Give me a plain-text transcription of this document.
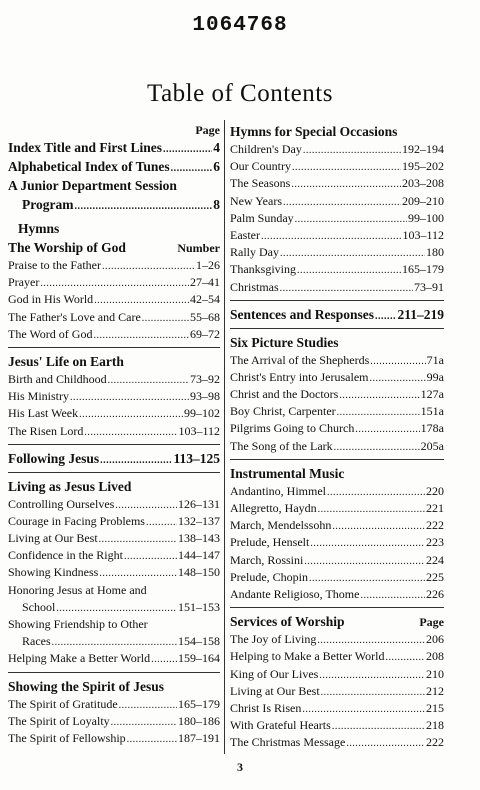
1064768
Table of Contents
Page
Index Title and First Lines . . .	4
Alphabetical Index of Tunes . . .	6
A Junior Department Session
Program . . .	8
Hymns
The Worship of God	Number
Praise to the Father . . .	1–26
Prayer . . .	27–41
God in His World . . .	42–54
The Father's Love and Care . . .	55–68
The Word of God . . .	69–72
Jesus' Life on Earth
Birth and Childhood . . .	73–92
His Ministry . . .	93–98
His Last Week . . .	99–102
The Risen Lord . . .	103–112
Following Jesus . . .	113–125
Living as Jesus Lived
Controlling Ourselves . . .	126–131
Courage in Facing Problems . . .	132–137
Living at Our Best . . .	138–143
Confidence in the Right . . .	144–147
Showing Kindness . . .	148–150
Honoring Jesus at Home and
School . . .	151–153
Showing Friendship to Other
Races . . .	154–158
Helping Make a Better World . . . 159–164
Showing the Spirit of Jesus
The Spirit of Gratitude . . .	165–179
The Spirit of Loyalty . . .	180–186
The Spirit of Fellowship . . .	187–191
Hymns for Special Occasions
Children's Day . . .	192–194
Our Country . . .	195–202
The Seasons . . .	203–208
New Years . . .	209–210
Palm Sunday . . .	99–100
Easter . . .	103–112
Rally Day . . .	180
Thanksgiving . . .	165–179
Christmas . . .	73–91
Sentences and Responses . . . 211–219
Six Picture Studies
The Arrival of the Shepherds . . .	71a
Christ's Entry into Jerusalem . . .	99a
Christ and the Doctors . . .	127a
Boy Christ, Carpenter . . .	151a
Pilgrims Going to Church . . .	178a
The Song of the Lark . . .	205a
Instrumental Music
Andantino, Himmel . . .	220
Allegretto, Haydn . . .	221
March, Mendelssohn . . .	222
Prelude, Henselt . . .	223
March, Rossini . . .	224
Prelude, Chopin . . .	225
Andante Religioso, Thome . . .	226
Services of Worship	Page
The Joy of Living . . .	206
Helping to Make a Better World . . .	208
King of Our Lives . . .	210
Living at Our Best . . .	212
Christ Is Risen . . .	215
With Grateful Hearts . . .	218
The Christmas Message . . .	222
3
